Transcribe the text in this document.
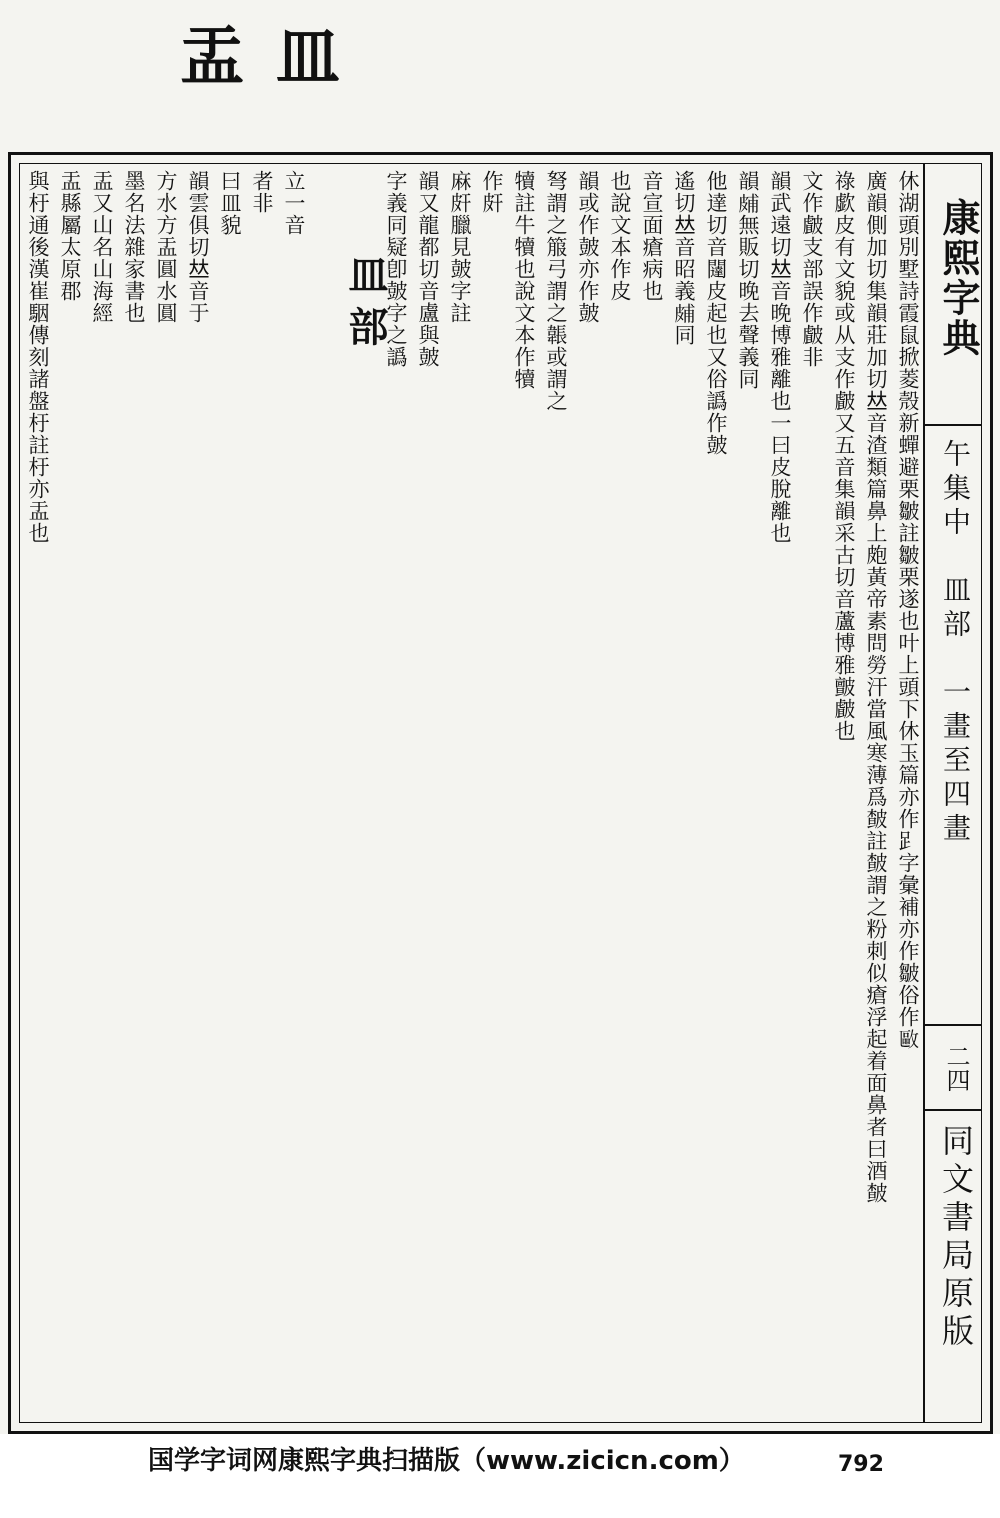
盂 皿
康熙字典
午集中　皿部　一畫至四畫
二四
同文書局原版
休湖頭別墅詩霞鼠掀菱殼新蟬避栗皺註皺栗遂也叶上頭下休玉篇亦作𧾷字彙補亦作皺俗作𢿛
廣韻側加切集韻莊加切𠀤音渣類篇鼻上皰黃帝素問勞汗當風寒薄爲皶註皶謂之粉刺似瘡浮起着面鼻者曰酒皶
祿歔皮有文貌或从支作皻又五音集韻采古切音蘆博雅皽皻也
文作皻支部誤作皻非
韻武遠切𠀤音晚博雅離也一曰皮脫離也
韻𤿭無販切晚去聲義同
他達切音闥皮起也又俗譌作皷
遙切𠀤音昭義𤿭同
音宣面瘡病也
也說文本作皮
韻或作皷亦作皷
弩謂之箙弓謂之韔或謂之
犢註牛犢也說文本作犢
作皯
麻皯臘見皷字註
韻又龍都切音盧與皷
字義同疑卽皷字之譌
皿部
立一音
者非
曰皿貌
韻雲俱切𠀤音于
方水方盂圓水圓
墨名法雜家書也
盂又山名山海經
盂縣屬太原郡
與杅通後漢崔駰傳刻諸盤杅註杅亦盂也
国学字词网康熙字典扫描版（www.zicicn.com）	792
